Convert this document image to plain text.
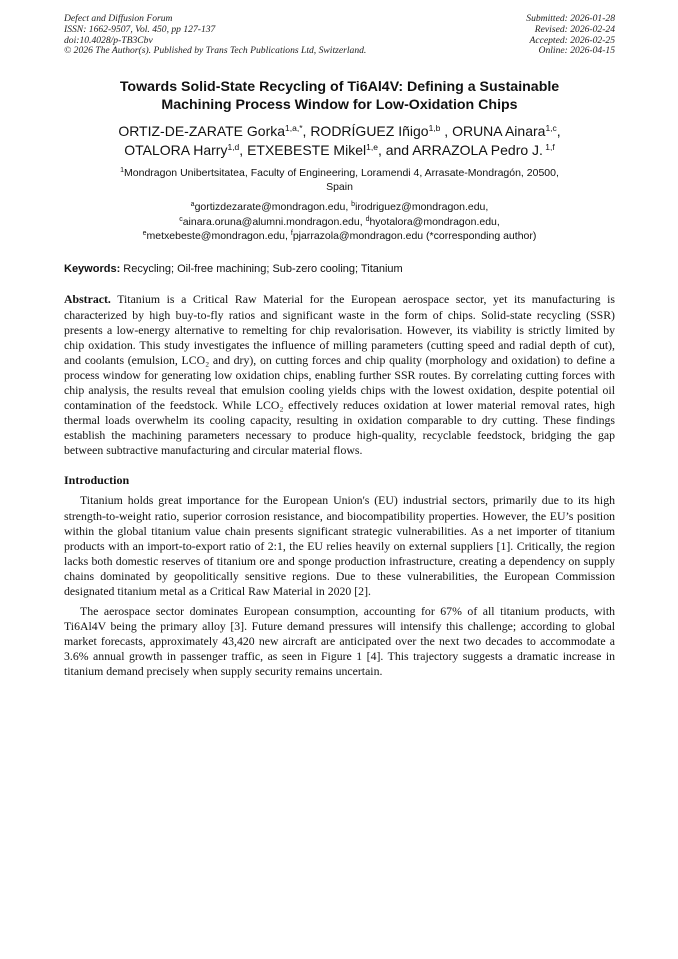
Defect and Diffusion Forum
ISSN: 1662-9507, Vol. 450, pp 127-137
doi:10.4028/p-TB3Cbv
© 2026 The Author(s). Published by Trans Tech Publications Ltd, Switzerland.
Submitted: 2026-01-28
Revised: 2026-02-24
Accepted: 2026-02-25
Online: 2026-04-15
Towards Solid-State Recycling of Ti6Al4V: Defining a Sustainable
Machining Process Window for Low-Oxidation Chips
ORTIZ-DE-ZARATE Gorka$^{1,a,*}$, RODRÍGUEZ Iñigo$^{1,b}$ , ORUNA Ainara$^{1,c}$,
OTALORA Harry$^{1,d}$, ETXEBESTE Mikel$^{1,e}$, and ARRAZOLA Pedro J. $^{1,f}$
$^1$Mondragon Unibertsitatea, Faculty of Engineering, Loramendi 4, Arrasate-Mondragón, 20500,
Spain
$^a$gortizdezarate@mondragon.edu, $^b$irodriguez@mondragon.edu,
$^c$ainara.oruna@alumni.mondragon.edu, $^d$hyotalora@mondragon.edu,
$^e$metxebeste@mondragon.edu, $^f$pjarrazola@mondragon.edu (*corresponding author)
Keywords: Recycling; Oil-free machining; Sub-zero cooling; Titanium
Abstract. Titanium is a Critical Raw Material for the European aerospace sector, yet its manufacturing is characterized by high buy-to-fly ratios and significant waste in the form of chips. Solid-state recycling (SSR) presents a low-energy alternative to remelting for chip revalorisation. However, its viability is strictly limited by chip oxidation. This study investigates the influence of milling parameters (cutting speed and radial depth of cut), and coolants (emulsion, LCO₂ and dry), on cutting forces and chip quality (morphology and oxidation) to define a process window for generating low oxidation chips, enabling further SSR routes. By correlating cutting forces with chip analysis, the results reveal that emulsion cooling yields chips with the lowest oxidation, despite potential oil contamination of the feedstock. While LCO₂ effectively reduces oxidation at lower material removal rates, high thermal loads overwhelm its cooling capacity, resulting in oxidation comparable to dry cutting. These findings establish the machining parameters necessary to produce high-quality, recyclable feedstock, bridging the gap between subtractive manufacturing and circular material flows.
Introduction
Titanium holds great importance for the European Union's (EU) industrial sectors, primarily due to its high strength-to-weight ratio, superior corrosion resistance, and biocompatibility properties. However, the EU’s position within the global titanium value chain presents significant strategic vulnerabilities. As a net importer of titanium products with an import-to-export ratio of 2:1, the EU relies heavily on external suppliers [1]. Critically, the region lacks both domestic reserves of titanium ore and sponge production infrastructure, creating a dependency on supply chains dominated by geopolitically sensitive regions. Due to these vulnerabilities, the European Commission designated titanium metal as a Critical Raw Material in 2020 [2].
The aerospace sector dominates European consumption, accounting for 67% of all titanium products, with Ti6Al4V being the primary alloy [3]. Future demand pressures will intensify this challenge; according to global market forecasts, approximately 43,420 new aircraft are anticipated over the next two decades to accommodate a 3.6% annual growth in passenger traffic, as seen in Figure 1 [4]. This trajectory suggests a dramatic increase in titanium demand precisely when supply security remains uncertain.
